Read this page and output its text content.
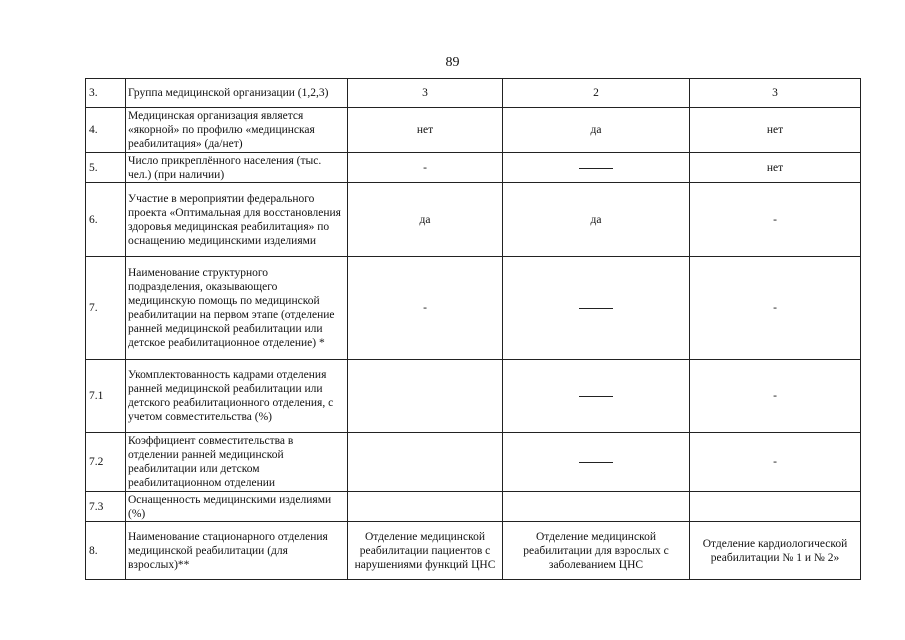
89
3.	Группа медицинской организации (1,2,3)	3	2	3
4.	Медицинская организация является «якорной» по профилю «медицинская реабилитация» (да/нет)	нет	да	нет
5.	Число прикреплённого населения (тыс. чел.) (при наличии)	-		нет
6.	Участие в мероприятии федерального проекта «Оптимальная для восстановления здоровья медицинская реабилитация» по оснащению медицинскими изделиями	да	да	-
7.	Наименование структурного подразделения, оказывающего медицинскую помощь по медицинской реабилитации на первом этапе (отделение ранней медицинской реабилитации или детское реабилитационное отделение) *	-		-
7.1	Укомплектованность кадрами отделения ранней медицинской реабилитации или детского реабилитационного отделения, с учетом совместительства (%)			-
7.2	Коэффициент совместительства в отделении ранней медицинской реабилитации или детском реабилитационном отделении			-
7.3	Оснащенность медицинскими изделиями (%)			
8.	Наименование стационарного отделения медицинской реабилитации (для взрослых)**	Отделение медицинской реабилитации пациентов с нарушениями функций ЦНС	Отделение медицинской реабилитации для взрослых с заболеванием ЦНС	Отделение кардиологической реабилитации № 1 и № 2»
